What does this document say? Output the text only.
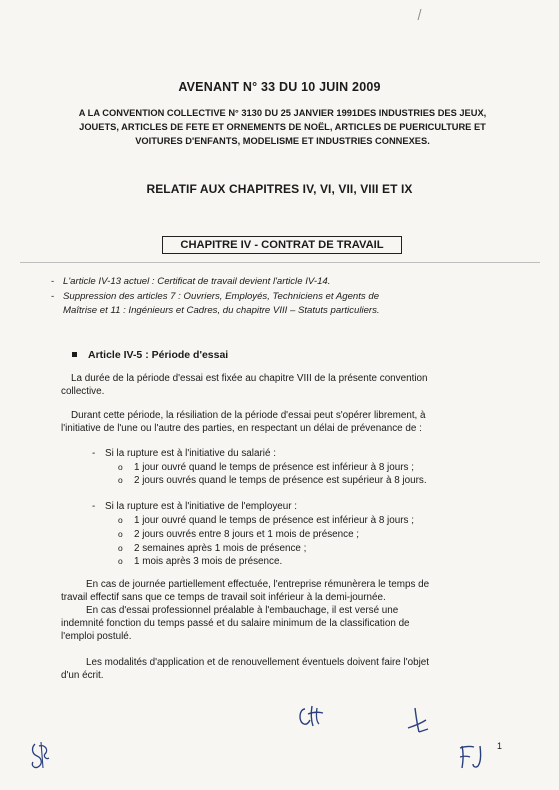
AVENANT N° 33 DU 10 JUIN 2009
A LA CONVENTION COLLECTIVE N° 3130 DU 25 JANVIER 1991DES INDUSTRIES DES JEUX,
JOUETS, ARTICLES DE FETE ET ORNEMENTS DE NOËL, ARTICLES DE PUERICULTURE ET
VOITURES D'ENFANTS, MODELISME ET INDUSTRIES CONNEXES.
RELATIF AUX CHAPITRES IV, VI, VII, VIII ET IX
CHAPITRE IV - CONTRAT DE TRAVAIL
- L'article IV-13 actuel : Certificat de travail devient l'article IV-14.
- Suppression des articles 7 : Ouvriers, Employés, Techniciens et Agents de
Maîtrise et 11 : Ingénieurs et Cadres, du chapitre VIII – Statuts particuliers.
Article IV-5 : Période d'essai
La durée de la période d'essai est fixée au chapitre VIII de la présente convention
collective.
Durant cette période, la résiliation de la période d'essai peut s'opérer librement, à
l'initiative de l'une ou l'autre des parties, en respectant un délai de prévenance de :
- Si la rupture est à l'initiative du salarié :
o 1 jour ouvré quand le temps de présence est inférieur à 8 jours ;
o 2 jours ouvrés quand le temps de présence est supérieur à 8 jours.
- Si la rupture est à l'initiative de l'employeur :
o 1 jour ouvré quand le temps de présence est inférieur à 8 jours ;
o 2 jours ouvrés entre 8 jours et 1 mois de présence ;
o 2 semaines après 1 mois de présence ;
o 1 mois après 3 mois de présence.
En cas de journée partiellement effectuée, l'entreprise rémunèrera le temps de
travail effectif sans que ce temps de travail soit inférieur à la demi-journée.
En cas d'essai professionnel préalable à l'embauchage, il est versé une
indemnité fonction du temps passé et du salaire minimum de la classification de
l'emploi postulé.
Les modalités d'application et de renouvellement éventuels doivent faire l'objet
d'un écrit.
1
